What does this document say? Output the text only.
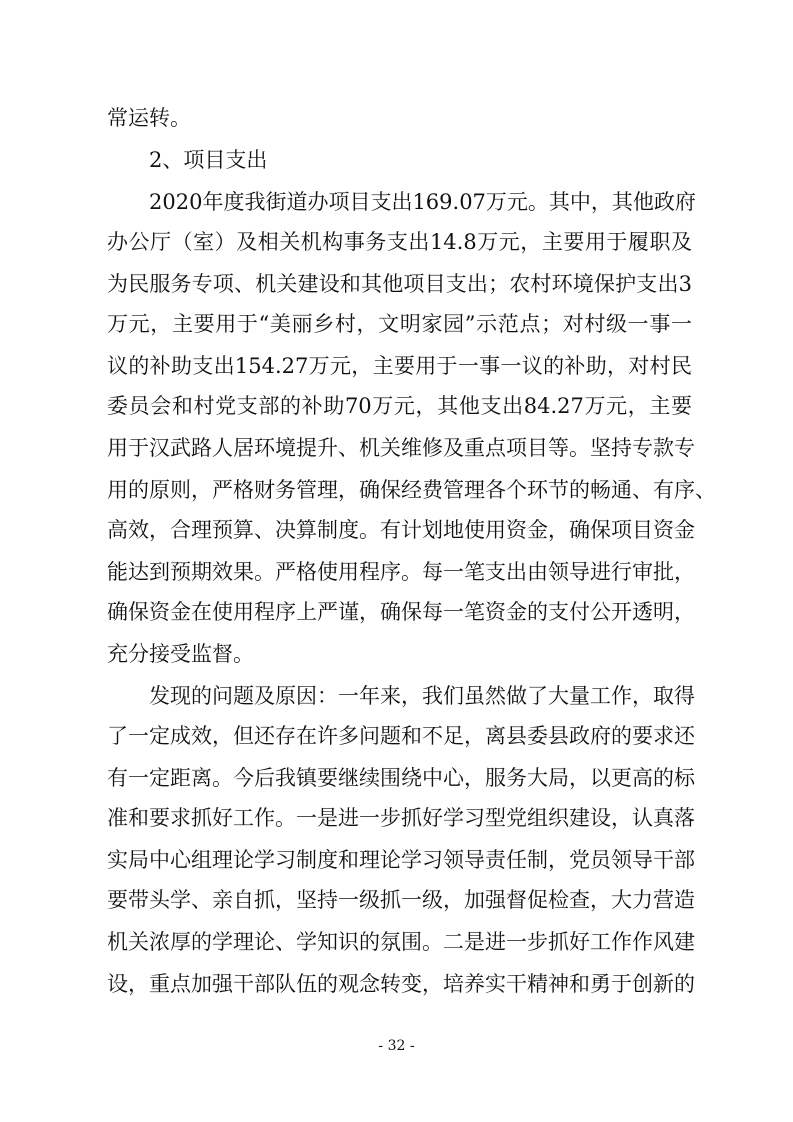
常运转。
2、项目支出
2020年度我街道办项目支出169.07万元。其中，其他政府
办公厅（室）及相关机构事务支出14.8万元，主要用于履职及
为民服务专项、机关建设和其他项目支出；农村环境保护支出3
万元，主要用于“美丽乡村，文明家园”示范点；对村级一事一
议的补助支出154.27万元，主要用于一事一议的补助，对村民
委员会和村党支部的补助70万元，其他支出84.27万元，主要
用于汉武路人居环境提升、机关维修及重点项目等。坚持专款专
用的原则，严格财务管理，确保经费管理各个环节的畅通、有序、
高效，合理预算、决算制度。有计划地使用资金，确保项目资金
能达到预期效果。严格使用程序。每一笔支出由领导进行审批，
确保资金在使用程序上严谨，确保每一笔资金的支付公开透明，
充分接受监督。
发现的问题及原因：一年来，我们虽然做了大量工作，取得
了一定成效，但还存在许多问题和不足，离县委县政府的要求还
有一定距离。今后我镇要继续围绕中心，服务大局，以更高的标
准和要求抓好工作。一是进一步抓好学习型党组织建设，认真落
实局中心组理论学习制度和理论学习领导责任制，党员领导干部
要带头学、亲自抓，坚持一级抓一级，加强督促检查，大力营造
机关浓厚的学理论、学知识的氛围。二是进一步抓好工作作风建
设，重点加强干部队伍的观念转变，培养实干精神和勇于创新的
- 32 -
